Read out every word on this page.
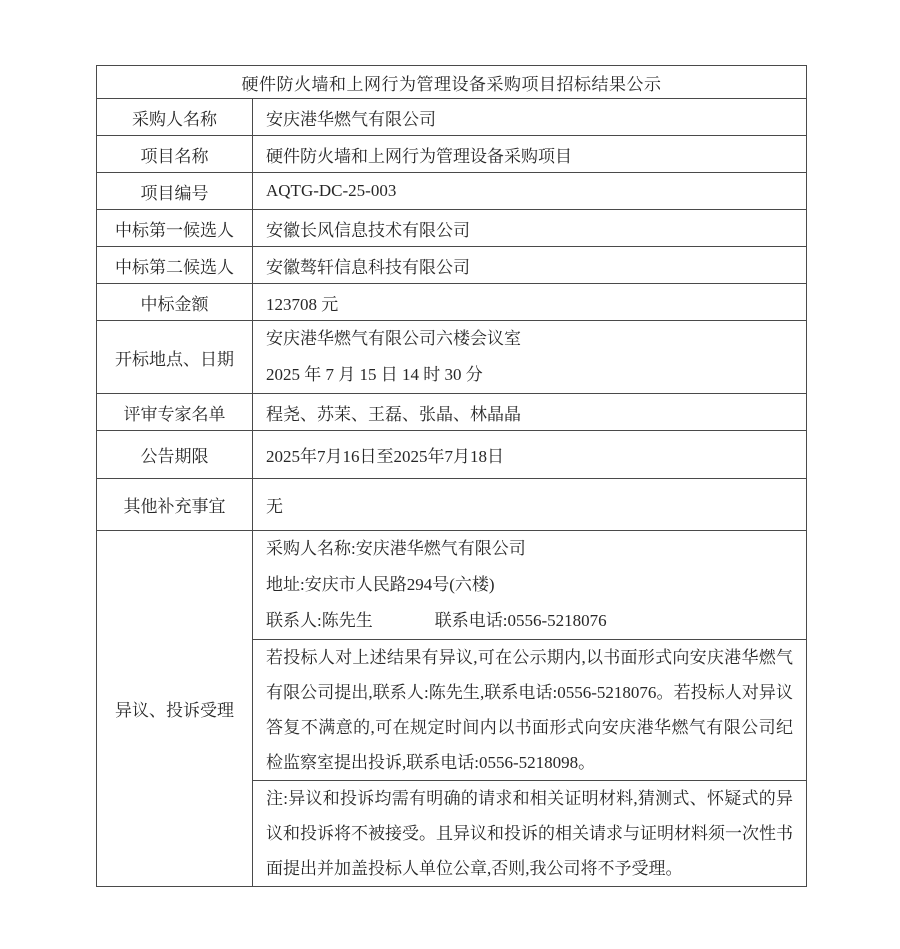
硬件防火墙和上网行为管理设备采购项目招标结果公示	
采购人名称	安庆港华燃气有限公司
项目名称	硬件防火墙和上网行为管理设备采购项目
项目编号	AQTG-DC-25-003
中标第一候选人	安徽长风信息技术有限公司
中标第二候选人	安徽骜轩信息科技有限公司
中标金额	123708 元
开标地点、日期	安庆港华燃气有限公司六楼会议室
2025 年 7 月 15 日 14 时 30 分

评审专家名单	程尧、苏茉、王磊、张晶、林晶晶
公告期限	2025年7月16日至2025年7月18日
其他补充事宜	无
异议、投诉受理	采购人名称:安庆港华燃气有限公司
地址:安庆市人民路294号(六楼)
联系人:陈先生 联系电话:0556-5218076

	若投标人对上述结果有异议,可在公示期内,以书面形式向安庆港华燃气有限公司提出,联系人:陈先生,联系电话:0556-5218076。若投标人对异议答复不满意的,可在规定时间内以书面形式向安庆港华燃气有限公司纪检监察室提出投诉,联系电话:0556-5218098。

	注:异议和投诉均需有明确的请求和相关证明材料,猜测式、怀疑式的异议和投诉将不被接受。且异议和投诉的相关请求与证明材料须一次性书面提出并加盖投标人单位公章,否则,我公司将不予受理。
